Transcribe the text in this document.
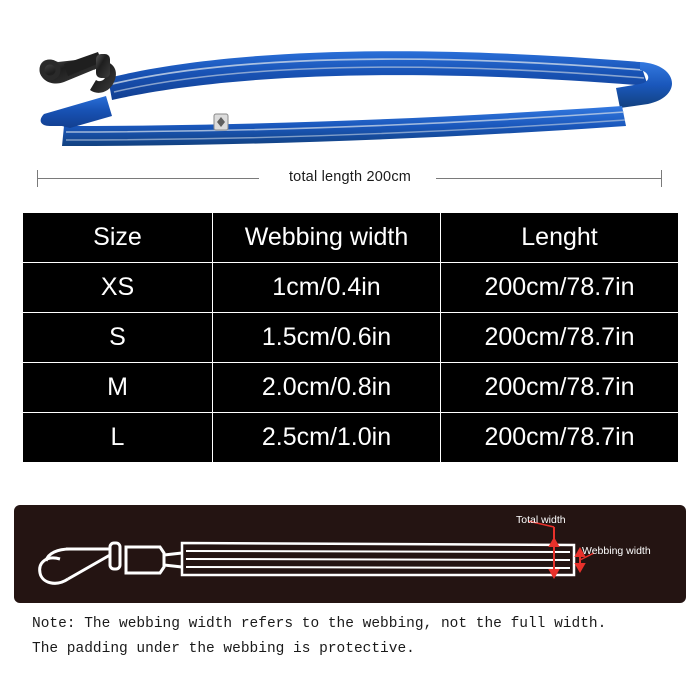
total length 200cm
Size	Webbing width	Lenght
XS	1cm/0.4in	200cm/78.7in
S	1.5cm/0.6in	200cm/78.7in
M	2.0cm/0.8in	200cm/78.7in
L	2.5cm/1.0in	200cm/78.7in
Total width
Webbing width
Note: The webbing width refers to the webbing, not the full width.
The padding under the webbing is protective.
